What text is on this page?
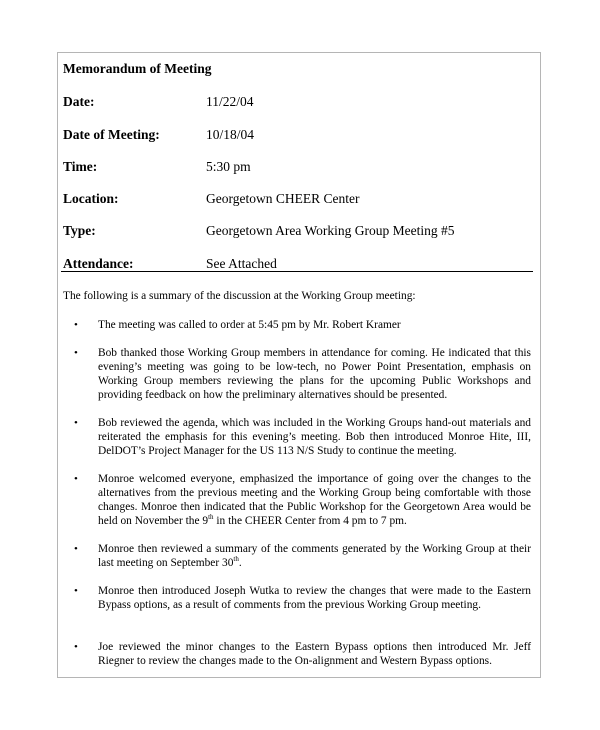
Memorandum of Meeting
Date:	11/22/04
Date of Meeting:	10/18/04
Time:	5:30 pm
Location:	Georgetown CHEER Center
Type:	Georgetown Area Working Group Meeting #5
Attendance:	See Attached
The following is a summary of the discussion at the Working Group meeting:
• The meeting was called to order at 5:45 pm by Mr. Robert Kramer
• Bob thanked those Working Group members in attendance for coming. He indicated that this evening’s meeting was going to be low-tech, no Power Point Presentation, emphasis on Working Group members reviewing the plans for the upcoming Public Workshops and providing feedback on how the preliminary alternatives should be presented.
• Bob reviewed the agenda, which was included in the Working Groups hand-out materials and reiterated the emphasis for this evening’s meeting. Bob then introduced Monroe Hite, III, DelDOT’s Project Manager for the US 113 N/S Study to continue the meeting.
• Monroe welcomed everyone, emphasized the importance of going over the changes to the alternatives from the previous meeting and the Working Group being comfortable with those changes. Monroe then indicated that the Public Workshop for the Georgetown Area would be held on November the 9th in the CHEER Center from 4 pm to 7 pm.
• Monroe then reviewed a summary of the comments generated by the Working Group at their last meeting on September 30th.
• Monroe then introduced Joseph Wutka to review the changes that were made to the Eastern Bypass options, as a result of comments from the previous Working Group meeting.
• Joe reviewed the minor changes to the Eastern Bypass options then introduced Mr. Jeff Riegner to review the changes made to the On-alignment and Western Bypass options.
